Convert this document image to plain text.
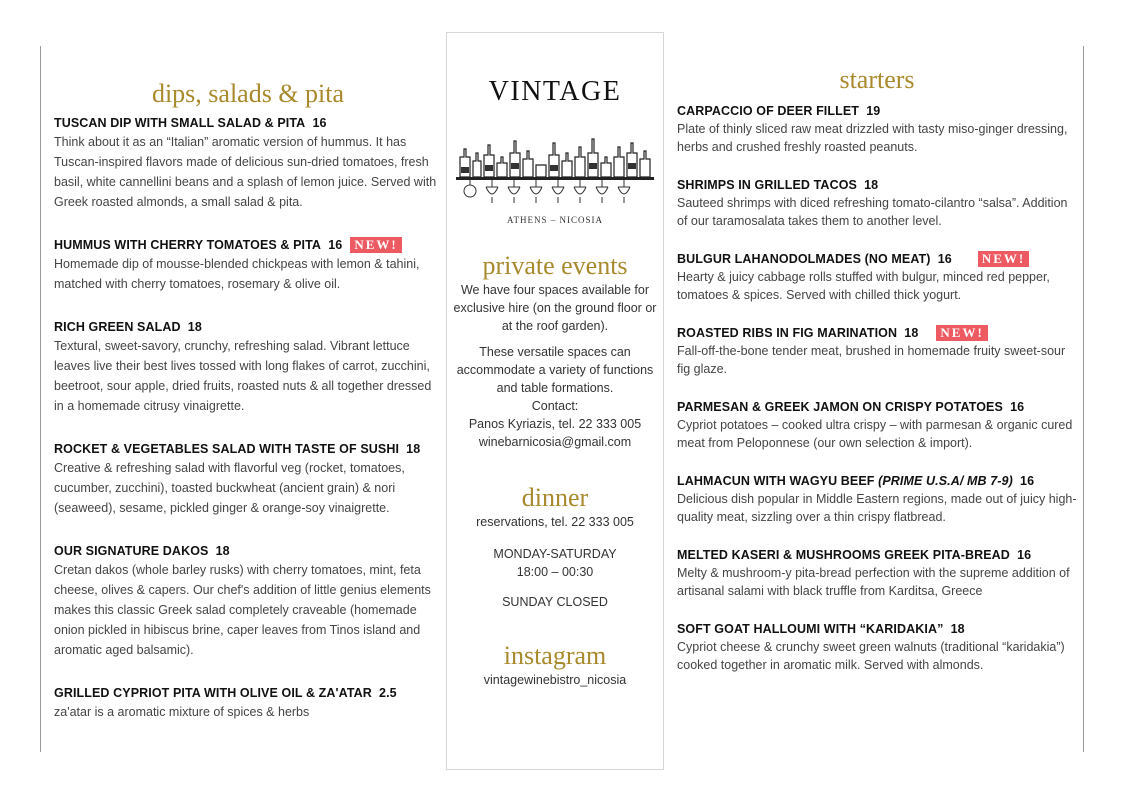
dips, salads & pita
TUSCAN DIP WITH SMALL SALAD & PITA 16
Think about it as an “Italian” aromatic version of hummus. It has Tuscan-inspired flavors made of delicious sun-dried tomatoes, fresh basil, white cannellini beans and a splash of lemon juice. Served with Greek roasted almonds, a small salad & pita.
HUMMUS WITH CHERRY TOMATOES & PITA 16 NEW!
Homemade dip of mousse-blended chickpeas with lemon & tahini, matched with cherry tomatoes, rosemary & olive oil.
RICH GREEN SALAD 18
Textural, sweet-savory, crunchy, refreshing salad. Vibrant lettuce leaves live their best lives tossed with long flakes of carrot, zucchini, beetroot, sour apple, dried fruits, roasted nuts & all together dressed in a homemade citrusy vinaigrette.
ROCKET & VEGETABLES SALAD WITH TASTE OF SUSHI 18
Creative & refreshing salad with flavorful veg (rocket, tomatoes, cucumber, zucchini), toasted buckwheat (ancient grain) & nori (seaweed), sesame, pickled ginger & orange-soy vinaigrette.
OUR SIGNATURE DAKOS 18
Cretan dakos (whole barley rusks) with cherry tomatoes, mint, feta cheese, olives & capers. Our chef's addition of little genius elements makes this classic Greek salad completely craveable (homemade onion pickled in hibiscus brine, caper leaves from Tinos island and aromatic aged balsamic).
GRILLED CYPRIOT PITA WITH OLIVE OIL & ZA'ATAR 2.5
za'atar is a aromatic mixture of spices & herbs
VINTAGE
ATHENS – NICOSIA
private events
We have four spaces available for exclusive hire (on the ground floor or at the roof garden).
These versatile spaces can accommodate a variety of functions and table formations.
Contact:
Panos Kyriazis, tel. 22 333 005
winebarnicosia@gmail.com
dinner
reservations, tel. 22 333 005
MONDAY-SATURDAY
18:00 – 00:30
SUNDAY CLOSED
instagram
vintagewinebistro_nicosia
starters
CARPACCIO OF DEER FILLET 19
Plate of thinly sliced raw meat drizzled with tasty miso-ginger dressing, herbs and crushed freshly roasted peanuts.
SHRIMPS IN GRILLED TACOS 18
Sauteed shrimps with diced refreshing tomato-cilantro “salsa”. Addition of our taramosalata takes them to another level.
BULGUR LAHANODOLMADES (NO MEAT) 16 NEW!
Hearty & juicy cabbage rolls stuffed with bulgur, minced red pepper, tomatoes & spices. Served with chilled thick yogurt.
ROASTED RIBS IN FIG MARINATION 18 NEW!
Fall-off-the-bone tender meat, brushed in homemade fruity sweet-sour fig glaze.
PARMESAN & GREEK JAMON ON CRISPY POTATOES 16
Cypriot potatoes – cooked ultra crispy – with parmesan & organic cured meat from Peloponnese (our own selection & import).
LAHMACUN WITH WAGYU BEEF (PRIME U.S.A/ MB 7-9) 16
Delicious dish popular in Middle Eastern regions, made out of juicy high-quality meat, sizzling over a thin crispy flatbread.
MELTED KASERI & MUSHROOMS GREEK PITA-BREAD 16
Melty & mushroom-y pita-bread perfection with the supreme addition of artisanal salami with black truffle from Karditsa, Greece
SOFT GOAT HALLOUMI WITH “KARIDAKIA” 18
Cypriot cheese & crunchy sweet green walnuts (traditional “karidakia”) cooked together in aromatic milk. Served with almonds.
